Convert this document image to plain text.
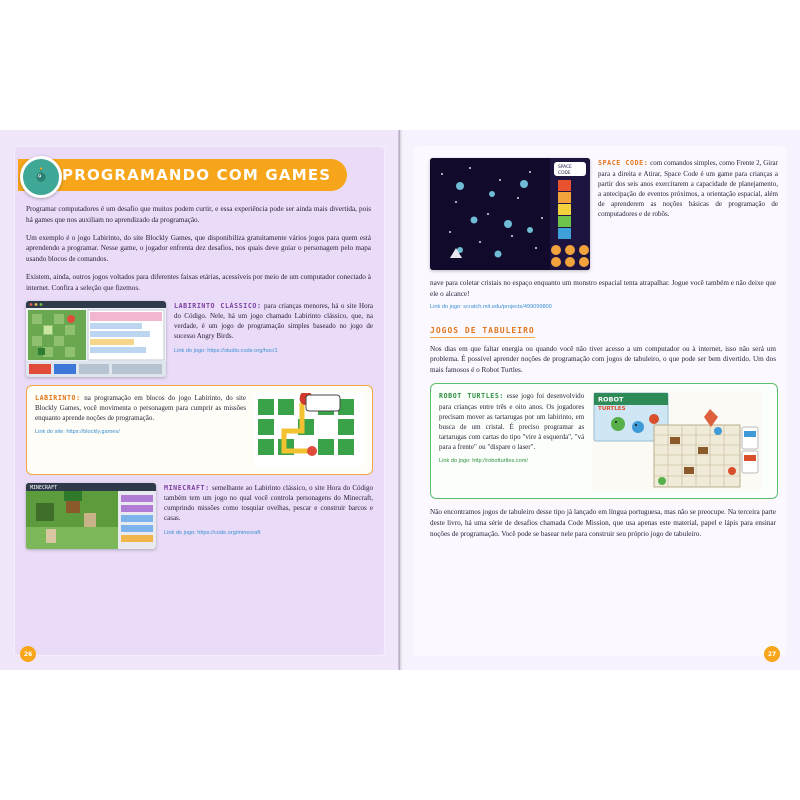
PROGRAMANDO COM GAMES

Programar computadores é um desafio que muitos podem curtir, e essa experiência pode ser ainda mais divertida, pois há games que nos auxiliam no aprendizado da programação.

Um exemplo é o jogo Labirinto, do site Blockly Games, que disponibiliza gratuitamente vários jogos para quem está aprendendo a programar. Nesse game, o jogador enfrenta dez desafios, nos quais deve guiar o personagem pelo mapa usando blocos de comandos.

Existem, ainda, outros jogos voltados para diferentes faixas etárias, acessíveis por meio de um computador conectado à internet. Confira a seleção que fizemos.

LABIRINTO CLÁSSICO: para crianças menores, há o site Hora do Código. Nele, há um jogo chamado Labirinto clássico, que, na verdade, é um jogo de programação simples baseado no jogo de sucesso Angry Birds.
Link do jogo: https://studio.code.org/hoc/1
LABIRINTO: na programação em blocos do jogo Labirinto, do site Blockly Games, você movimenta o personagem para cumprir as missões enquanto aprende noções de programação.
Link do site: https://blockly.games/
MINECRAFT	MINECRAFT: semelhante ao Labirinto clássico, o site Hora do Código também tem um jogo no qual você controla personagens do Minecraft, cumprindo missões como tosquiar ovelhas, pescar e construir barcos e casas.
Link do jogo: https://code.org/minecraft
26
SPACE
CODE
SPACE CODE: com comandos simples, como Frente 2, Girar para a direita e Atirar, Space Code é um game para crianças a partir dos seis anos exercitarem a capacidade de planejamento, a antecipação de eventos próximos, a orientação espacial, além de aprenderem as noções básicas de programação de computadores e de robôs.

nave para coletar cristais no espaço enquanto um monstro espacial tenta atrapalhar. Jogue você também e não deixe que ele o alcance!

Link do jogo: scratch.mit.edu/projects/499099800
JOGOS DE TABULEIRO

Nos dias em que faltar energia ou quando você não tiver acesso a um computador ou à internet, isso não será um problema. É possível aprender noções de programação com jogos de tabuleiro, o que pode ser bem divertido. Um dos mais famosos é o Robot Turtles.

ROBOT TURTLES: esse jogo foi desenvolvido para crianças entre três e oito anos. Os jogadores precisam mover as tartarugas por um labirinto, em busca de um cristal. É preciso programar as tartarugas com cartas do tipo "vire à esquerda", "vá para a frente" ou "dispare o laser".
Link do jogo: http://robotturtles.com/
ROBOT
TURTLES

Não encontramos jogos de tabuleiro desse tipo já lançado em língua portuguesa, mas não se preocupe. Na terceira parte deste livro, há uma série de desafios chamada Code Mission, que usa apenas este material, papel e lápis para ensinar noções de programação. Você pode se basear nele para construir seu próprio jogo de tabuleiro.

27
